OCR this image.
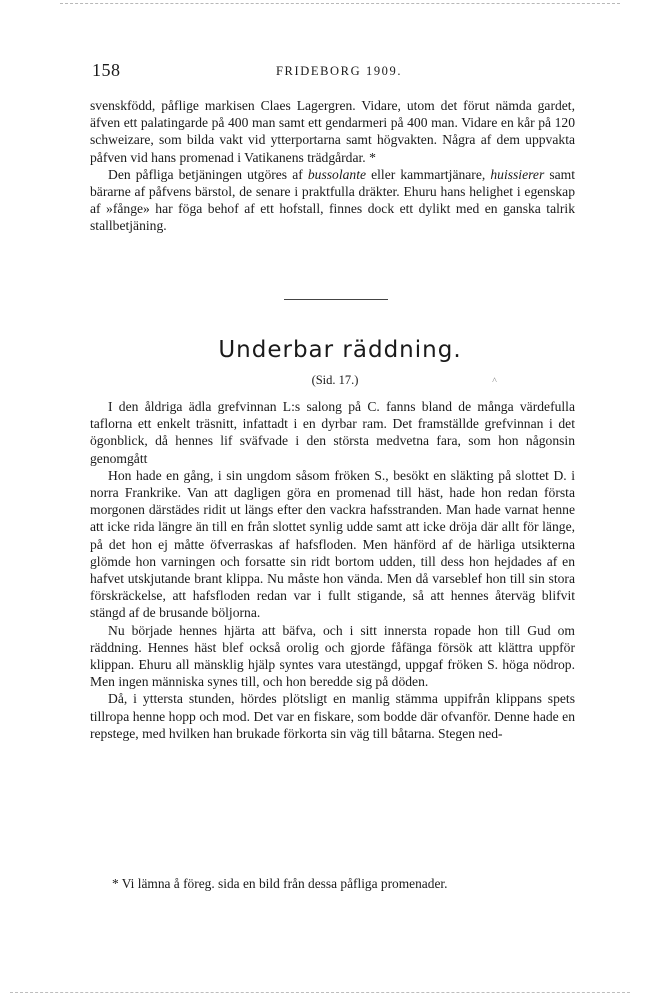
158	FRIDEBORG 1909.

svenskfödd, påflige markisen Claes Lagergren. Vidare, utom det förut nämda gardet, äfven ett palatingarde på 400 man samt ett gendarmeri på 400 man. Vidare en kår på 120 schweizare, som bilda vakt vid ytterportarna samt högvakten. Några af dem uppvakta påfven vid hans promenad i Vatikanens trädgårdar. *

Den påfliga betjäningen utgöres af bussolante eller kammartjänare, huissierer samt bärarne af påfvens bärstol, de senare i praktfulla dräkter. Ehuru hans helighet i egenskap af »fånge» har föga behof af ett hofstall, finnes dock ett dylikt med en ganska talrik stallbetjäning.

Underbar räddning.
(Sid. 17.)	˄

I den åldriga ädla grefvinnan L:s salong på C. fanns bland de många värdefulla taflorna ett enkelt träsnitt, infattadt i en dyrbar ram. Det framställde grefvinnan i det ögonblick, då hennes lif sväfvade i den största medvetna fara, som hon någonsin genomgått

Hon hade en gång, i sin ungdom såsom fröken S., besökt en släkting på slottet D. i norra Frankrike. Van att dagligen göra en promenad till häst, hade hon redan första morgonen därstädes ridit ut längs efter den vackra hafsstranden. Man hade varnat henne att icke rida längre än till en från slottet synlig udde samt att icke dröja där allt för länge, på det hon ej måtte öfverraskas af hafsfloden. Men hänförd af de härliga utsikterna glömde hon varningen och forsatte sin ridt bortom udden, till dess hon hejdades af en hafvet utskjutande brant klippa. Nu måste hon vända. Men då varseblef hon till sin stora förskräckelse, att hafsfloden redan var i fullt stigande, så att hennes återväg blifvit stängd af de brusande böljorna.

Nu började hennes hjärta att bäfva, och i sitt innersta ropade hon till Gud om räddning. Hennes häst blef också orolig och gjorde fåfänga försök att klättra uppför klippan. Ehuru all mänsklig hjälp syntes vara utestängd, uppgaf fröken S. höga nödrop. Men ingen människa synes till, och hon beredde sig på döden.

Då, i yttersta stunden, hördes plötsligt en manlig stämma uppifrån klippans spets tillropa henne hopp och mod. Det var en fiskare, som bodde där ofvanför. Denne hade en repstege, med hvilken han brukade förkorta sin väg till båtarna. Stegen ned-

* Vi lämna å föreg. sida en bild från dessa påfliga promenader.
